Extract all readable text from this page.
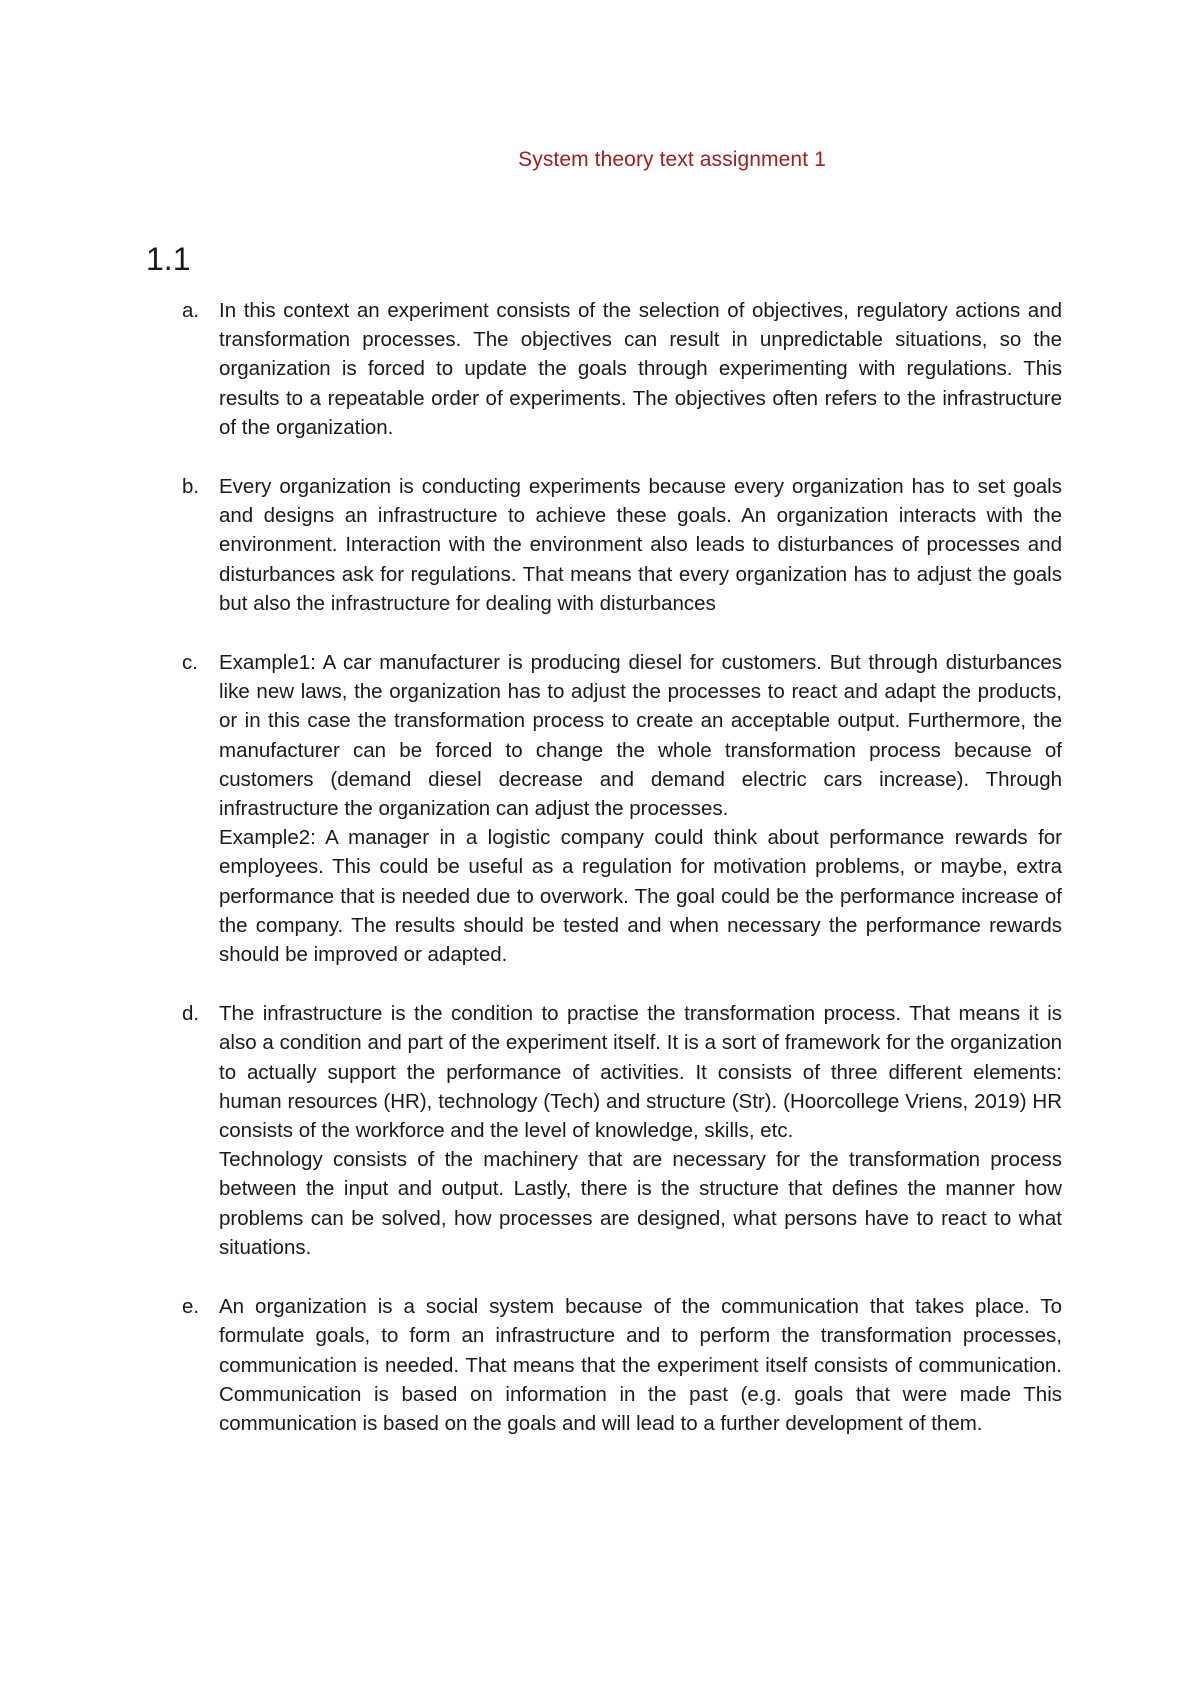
System theory text assignment 1
1.1
a. In this context an experiment consists of the selection of objectives, regulatory actions and transformation processes. The objectives can result in unpredictable situations, so the organization is forced to update the goals through experimenting with regulations. This results to a repeatable order of experiments. The objectives often refers to the infrastructure of the organization.

b. Every organization is conducting experiments because every organization has to set goals and designs an infrastructure to achieve these goals. An organization interacts with the environment. Interaction with the environment also leads to disturbances of processes and disturbances ask for regulations. That means that every organization has to adjust the goals but also the infrastructure for dealing with disturbances

c. Example1: A car manufacturer is producing diesel for customers. But through disturbances like new laws, the organization has to adjust the processes to react and adapt the products, or in this case the transformation process to create an acceptable output. Furthermore, the manufacturer can be forced to change the whole transformation process because of customers (demand diesel decrease and demand electric cars increase). Through infrastructure the organization can adjust the processes.

Example2: A manager in a logistic company could think about performance rewards for employees. This could be useful as a regulation for motivation problems, or maybe, extra performance that is needed due to overwork. The goal could be the performance increase of the company. The results should be tested and when necessary the performance rewards should be improved or adapted.

d. The infrastructure is the condition to practise the transformation process. That means it is also a condition and part of the experiment itself. It is a sort of framework for the organization to actually support the performance of activities. It consists of three different elements: human resources (HR), technology (Tech) and structure (Str). (Hoorcollege Vriens, 2019) HR consists of the workforce and the level of knowledge, skills, etc.

Technology consists of the machinery that are necessary for the transformation process between the input and output. Lastly, there is the structure that defines the manner how problems can be solved, how processes are designed, what persons have to react to what situations.

e. An organization is a social system because of the communication that takes place. To formulate goals, to form an infrastructure and to perform the transformation processes, communication is needed. That means that the experiment itself consists of communication. Communication is based on information in the past (e.g. goals that were made This communication is based on the goals and will lead to a further development of them.
